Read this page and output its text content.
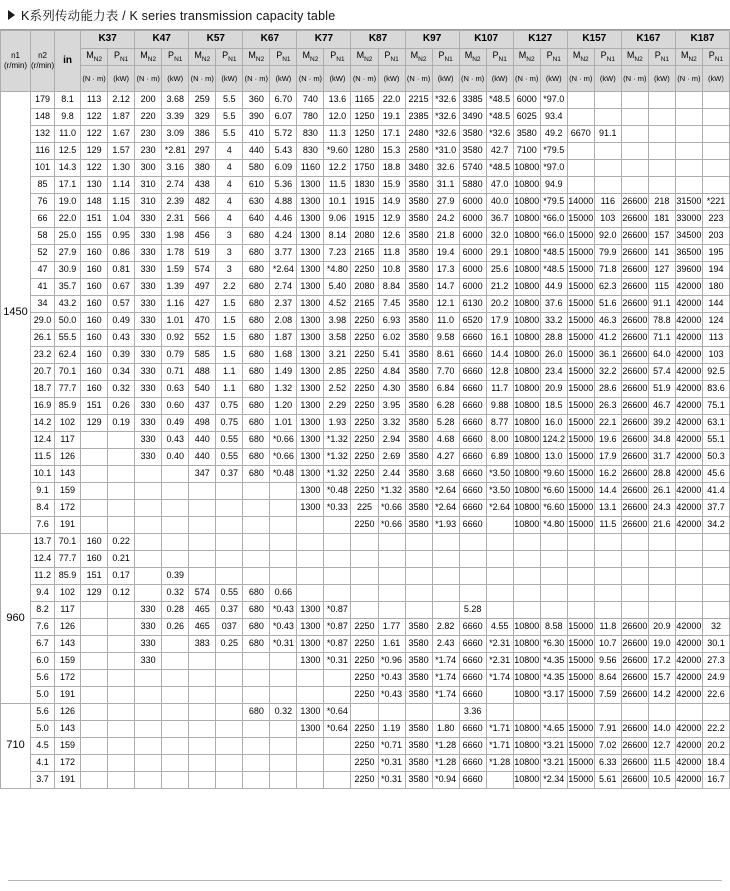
K系列传动能力表 / K series transmission capacity table
n1
(r/min)

n2
(r/min)	in	K37	K47	K57	K67	K77	K87	K97	K107	K127	K157	K167	K187
			$M_{N2}$	$P_{N1}$	$M_{N2}$	$P_{N1}$	$M_{N2}$	$P_{N1}$	$M_{N2}$	$P_{N1}$	$M_{N2}$	$P_{N1}$	$M_{N2}$	$P_{N1}$	$M_{N2}$	$P_{N1}$	$M_{N2}$	$P_{N1}$	$M_{N2}$	$P_{N1}$	$M_{N2}$	$P_{N1}$	$M_{N2}$	$P_{N1}$	$M_{N2}$	$P_{N1}$
			(N · m)	(kW)	(N · m)	(kW)	(N · m)	(kW)	(N · m)	(kW)	(N · m)	(kW)	(N · m)	(kW)	(N · m)	(kW)	(N · m)	(kW)	(N · m)	(kW)	(N · m)	(kW)	(N · m)	(kW)	(N · m)	(kW)
1450	179	8.1	113	2.12	200	3.68	259	5.5	360	6.70	740	13.6	1165	22.0	2215	*32.6	3385	*48.5	6000	*97.0						
	148	9.8	122	1.87	220	3.39	329	5.5	390	6.07	780	12.0	1250	19.1	2385	*32.6	3490	*48.5	6025	93.4						
	132	11.0	122	1.67	230	3.09	386	5.5	410	5.72	830	11.3	1250	17.1	2480	*32.6	3580	*32.6	3580	49.2	6670	91.1				
	116	12.5	129	1.57	230	*2.81	297	4	440	5.43	830	*9.60	1280	15.3	2580	*31.0	3580	42.7	7100	*79.5						
	101	14.3	122	1.30	300	3.16	380	4	580	6.09	1160	12.2	1750	18.8	3480	32.6	5740	*48.5	10800	*97.0						
	85	17.1	130	1.14	310	2.74	438	4	610	5.36	1300	11.5	1830	15.9	3580	31.1	5880	47.0	10800	94.9						
	76	19.0	148	1.15	310	2.39	482	4	630	4.88	1300	10.1	1915	14.9	3580	27.9	6000	40.0	10800	*79.5	14000	116	26600	218	31500	*221
	66	22.0	151	1.04	330	2.31	566	4	640	4.46	1300	9.06	1915	12.9	3580	24.2	6000	36.7	10800	*66.0	15000	103	26600	181	33000	223
	58	25.0	155	0.95	330	1.98	456	3	680	4.24	1300	8.14	2080	12.6	3580	21.8	6000	32.0	10800	*66.0	15000	92.0	26600	157	34500	203
	52	27.9	160	0.86	330	1.78	519	3	680	3.77	1300	7.23	2165	11.8	3580	19.4	6000	29.1	10800	*48.5	15000	79.9	26600	141	36500	195
	47	30.9	160	0.81	330	1.59	574	3	680	*2.64	1300	*4.80	2250	10.8	3580	17.3	6000	25.6	10800	*48.5	15000	71.8	26600	127	39600	194
	41	35.7	160	0.67	330	1.39	497	2.2	680	2.74	1300	5.40	2080	8.84	3580	14.7	6000	21.2	10800	44.9	15000	62.3	26600	115	42000	180
	34	43.2	160	0.57	330	1.16	427	1.5	680	2.37	1300	4.52	2165	7.45	3580	12.1	6130	20.2	10800	37.6	15000	51.6	26600	91.1	42000	144
	29.0	50.0	160	0.49	330	1.01	470	1.5	680	2.08	1300	3.98	2250	6.93	3580	11.0	6520	17.9	10800	33.2	15000	46.3	26600	78.8	42000	124
	26.1	55.5	160	0.43	330	0.92	552	1.5	680	1.87	1300	3.58	2250	6.02	3580	9.58	6660	16.1	10800	28.8	15000	41.2	26600	71.1	42000	113
	23.2	62.4	160	0.39	330	0.79	585	1.5	680	1.68	1300	3.21	2250	5.41	3580	8.61	6660	14.4	10800	26.0	15000	36.1	26600	64.0	42000	103
	20.7	70.1	160	0.34	330	0.71	488	1.1	680	1.49	1300	2.85	2250	4.84	3580	7.70	6660	12.8	10800	23.4	15000	32.2	26600	57.4	42000	92.5
	18.7	77.7	160	0.32	330	0.63	540	1.1	680	1.32	1300	2.52	2250	4.30	3580	6.84	6660	11.7	10800	20.9	15000	28.6	26600	51.9	42000	83.6
	16.9	85.9	151	0.26	330	0.60	437	0.75	680	1.20	1300	2.29	2250	3.95	3580	6.28	6660	9.88	10800	18.5	15000	26.3	26600	46.7	42000	75.1
	14.2	102	129	0.19	330	0.49	498	0.75	680	1.01	1300	1.93	2250	3.32	3580	5.28	6660	8.77	10800	16.0	15000	22.1	26600	39.2	42000	63.1
	12.4	117			330	0.43	440	0.55	680	*0.66	1300	*1.32	2250	2.94	3580	4.68	6660	8.00	10800	124.2	15000	19.6	26600	34.8	42000	55.1
	11.5	126			330	0.40	440	0.55	680	*0.66	1300	*1.32	2250	2.69	3580	4.27	6660	6.89	10800	13.0	15000	17.9	26600	31.7	42000	50.3
	10.1	143					347	0.37	680	*0.48	1300	*1.32	2250	2.44	3580	3.68	6660	*3.50	10800	*9.60	15000	16.2	26600	28.8	42000	45.6
	9.1	159									1300	*0.48	2250	*1.32	3580	*2.64	6660	*3.50	10800	*6.60	15000	14.4	26600	26.1	42000	41.4
	8.4	172									1300	*0.33	225	*0.66	3580	*2.64	6660	*2.64	10800	*6.60	15000	13.1	26600	24.3	42000	37.7
	7.6	191											2250	*0.66	3580	*1.93	6660		10800	*4.80	15000	11.5	26600	21.6	42000	34.2
960	13.7	70.1	160	0.22																						
	12.4	77.7	160	0.21																						
	11.2	85.9	151	0.17		0.39																				
	9.4	102	129	0.12		0.32	574	0.55	680	0.66																
	8.2	117			330	0.28	465	0.37	680	*0.43	1300	*0.87					5.28									
	7.6	126			330	0.26	465	037	680	*0.43	1300	*0.87	2250	1.77	3580	2.82	6660	4.55	10800	8.58	15000	11.8	26600	20.9	42000	32
	6.7	143			330		383	0.25	680	*0.31	1300	*0.87	2250	1.61	3580	2.43	6660	*2.31	10800	*6.30	15000	10.7	26600	19.0	42000	30.1
	6.0	159			330						1300	*0.31	2250	*0.96	3580	*1.74	6660	*2.31	10800	*4.35	15000	9.56	26600	17.2	42000	27.3
	5.6	172											2250	*0.43	3580	*1.74	6660	*1.74	10800	*4.35	15000	8.64	26600	15.7	42000	24.9
	5.0	191											2250	*0.43	3580	*1.74	6660		10800	*3.17	15000	7.59	26600	14.2	42000	22.6
710	5.6	126							680	0.32	1300	*0.64					3.36									
	5.0	143									1300	*0.64	2250	1.19	3580	1.80	6660	*1.71	10800	*4.65	15000	7.91	26600	14.0	42000	22.2
	4.5	159											2250	*0.71	3580	*1.28	6660	*1.71	10800	*3.21	15000	7.02	26600	12.7	42000	20.2
	4.1	172											2250	*0.31	3580	*1.28	6660	*1.28	10800	*3.21	15000	6.33	26600	11.5	42000	18.4
	3.7	191											2250	*0.31	3580	*0.94	6660		10800	*2.34	15000	5.61	26600	10.5	42000	16.7
